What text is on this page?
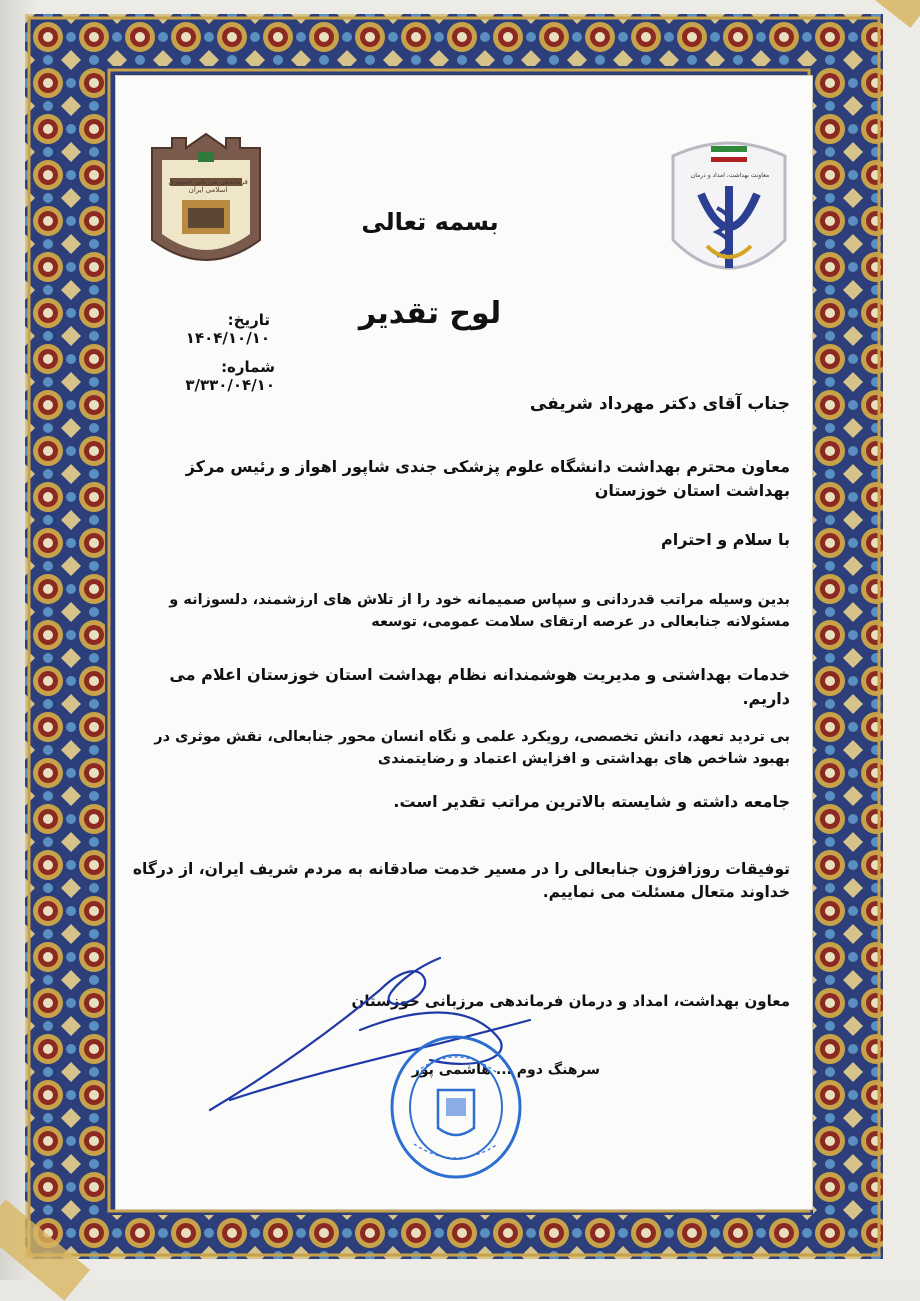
فرماندهی مرزبانی جمهوری اسلامی ایران
معاونت بهداشت، امداد و درمان
بسمه تعالی
لوح تقدیر
تاریخ: ۱۴۰۴/۱۰/۱۰
شماره: ۳/۳۳۰/۰۴/۱۰
جناب آقای دکتر مهرداد شریفی
معاون محترم بهداشت دانشگاه علوم پزشکی جندی شاپور اهواز و رئیس مرکز بهداشت استان خوزستان
با سلام و احترام
بدین وسیله مراتب قدردانی و سپاس صمیمانه خود را از تلاش های ارزشمند، دلسوزانه و مسئولانه جنابعالی در عرصه ارتقای سلامت عمومی، توسعه
خدمات بهداشتی و مدیریت هوشمندانه نظام بهداشت استان خوزستان اعلام می داریم.
بی تردید تعهد، دانش تخصصی، رویکرد علمی و نگاه انسان محور جنابعالی، نقش موثری در بهبود شاخص های بهداشتی و افزایش اعتماد و رضایتمندی
جامعه داشته و شایسته بالاترین مراتب تقدیر است.
توفیقات روزافزون جنابعالی را در مسیر خدمت صادقانه به مردم شریف ایران، از درگاه خداوند متعال مسئلت می نماییم.
معاون بهداشت، امداد و درمان فرماندهی مرزبانی خوزستان
سرهنگ دوم ... هاشمی پور
